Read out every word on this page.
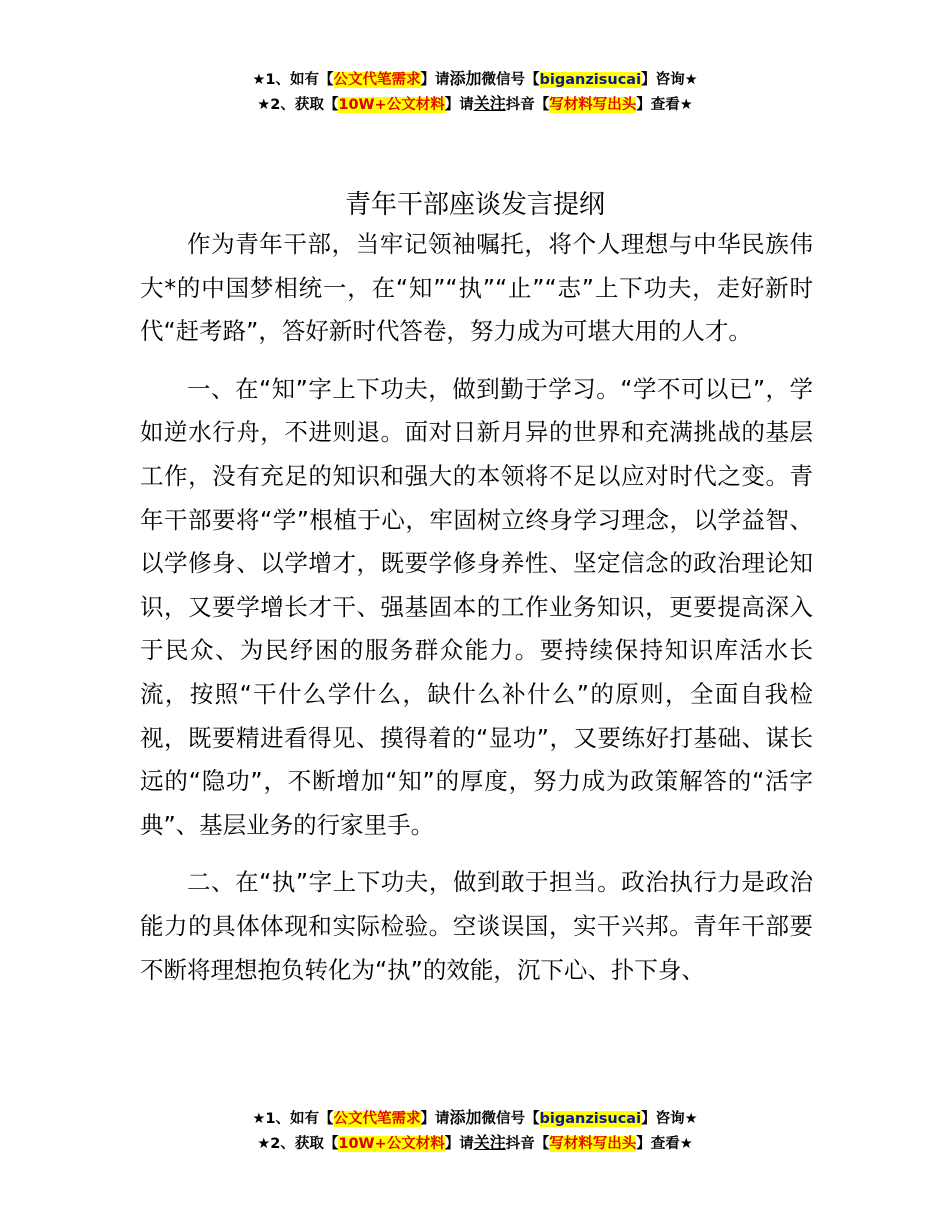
★1、如有【公文代笔需求】请添加微信号【biganzisucai】咨询★
★2、获取【10W+公文材料】请关注抖音【写材料写出头】查看★
青年干部座谈发言提纲

作为青年干部，当牢记领袖嘱托，将个人理想与中华民族伟大*的中国梦相统一，在“知”“执”“止”“志”上下功夫，走好新时代“赶考路”，答好新时代答卷，努力成为可堪大用的人才。

一、在“知”字上下功夫，做到勤于学习。“学不可以已”，学如逆水行舟，不进则退。面对日新月异的世界和充满挑战的基层工作，没有充足的知识和强大的本领将不足以应对时代之变。青年干部要将“学”根植于心，牢固树立终身学习理念，以学益智、以学修身、以学增才，既要学修身养性、坚定信念的政治理论知识，又要学增长才干、强基固本的工作业务知识，更要提高深入于民众、为民纾困的服务群众能力。要持续保持知识库活水长流，按照“干什么学什么，缺什么补什么”的原则，全面自我检视，既要精进看得见、摸得着的“显功”，又要练好打基础、谋长远的“隐功”，不断增加“知”的厚度，努力成为政策解答的“活字典”、基层业务的行家里手。

二、在“执”字上下功夫，做到敢于担当。政治执行力是政治能力的具体体现和实际检验。空谈误国，实干兴邦。青年干部要不断将理想抱负转化为“执”的效能，沉下心、扑下身、

★1、如有【公文代笔需求】请添加微信号【biganzisucai】咨询★
★2、获取【10W+公文材料】请关注抖音【写材料写出头】查看★
